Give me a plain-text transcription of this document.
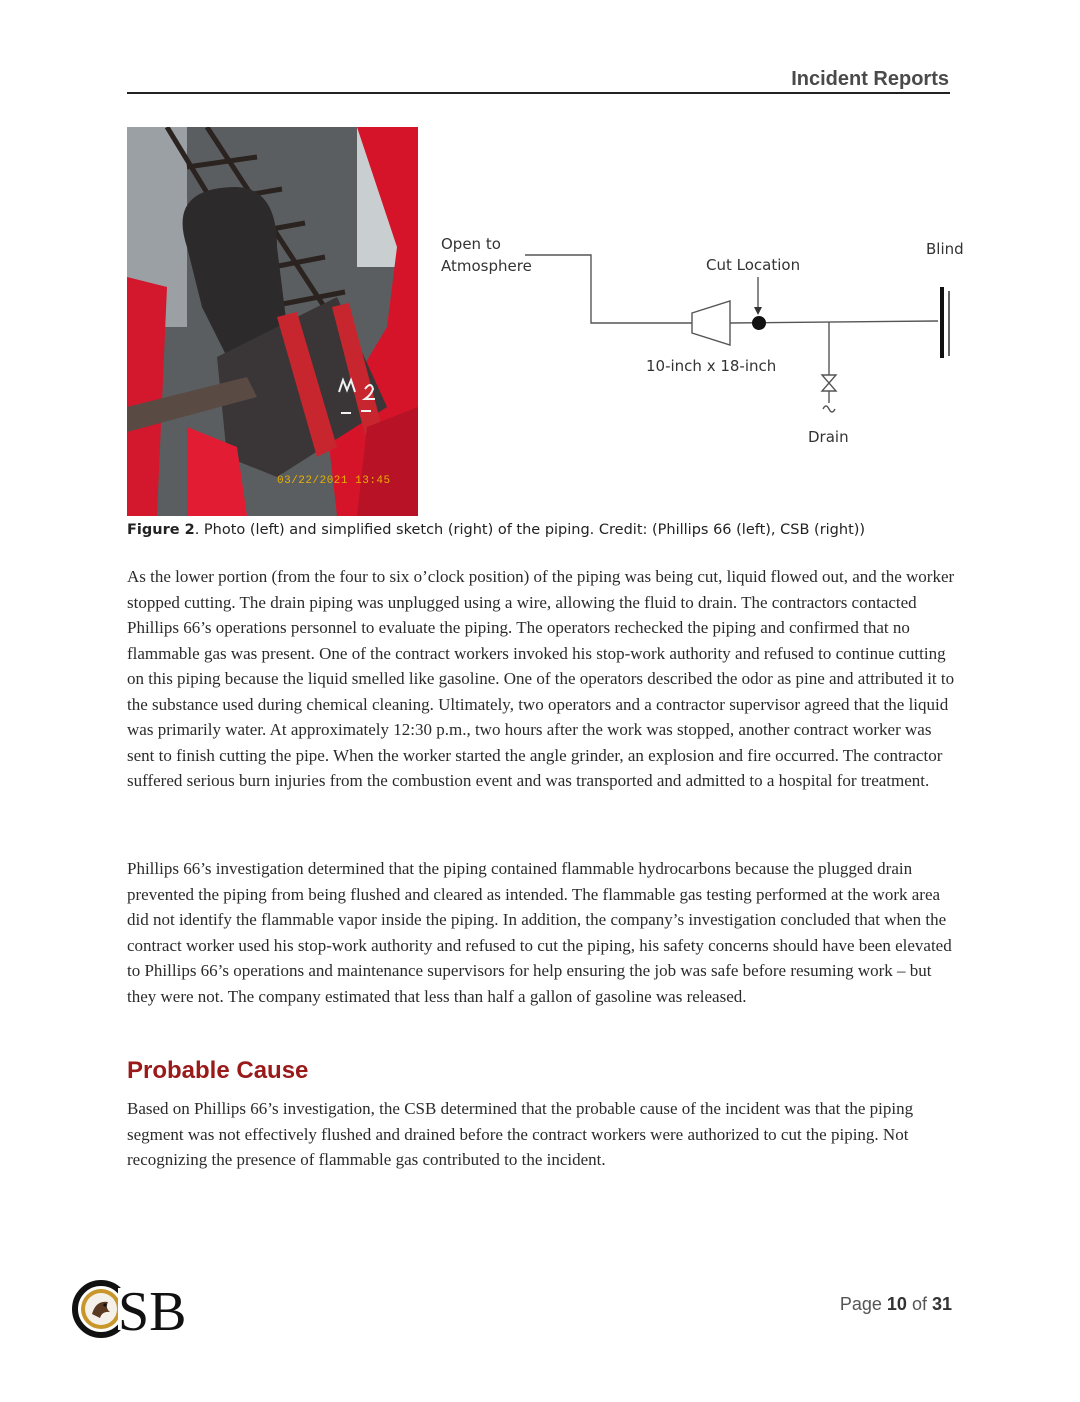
Incident Reports
03/22/2021 13:45
Open to
Atmosphere	Cut Location
Blind
10-inch x 18-inch
Drain
Figure 2. Photo (left) and simplified sketch (right) of the piping. Credit: (Phillips 66 (left), CSB (right))

As the lower portion (from the four to six o’clock position) of the piping was being cut, liquid flowed out, and the worker stopped cutting. The drain piping was unplugged using a wire, allowing the fluid to drain. The contractors contacted Phillips 66’s operations personnel to evaluate the piping. The operators rechecked the piping and confirmed that no flammable gas was present. One of the contract workers invoked his stop-work authority and refused to continue cutting on this piping because the liquid smelled like gasoline. One of the operators described the odor as pine and attributed it to the substance used during chemical cleaning. Ultimately, two operators and a contractor supervisor agreed that the liquid was primarily water. At approximately 12:30 p.m., two hours after the work was stopped, another contract worker was sent to finish cutting the pipe. When the worker started the angle grinder, an explosion and fire occurred. The contractor suffered serious burn injuries from the combustion event and was transported and admitted to a hospital for treatment.

Phillips 66’s investigation determined that the piping contained flammable hydrocarbons because the plugged drain prevented the piping from being flushed and cleared as intended. The flammable gas testing performed at the work area did not identify the flammable vapor inside the piping. In addition, the company’s investigation concluded that when the contract worker used his stop-work authority and refused to cut the piping, his safety concerns should have been elevated to Phillips 66’s operations and maintenance supervisors for help ensuring the job was safe before resuming work – but they were not. The company estimated that less than half a gallon of gasoline was released.

Probable Cause

Based on Phillips 66’s investigation, the CSB determined that the probable cause of the incident was that the piping segment was not effectively flushed and drained before the contract workers were authorized to cut the piping. Not recognizing the presence of flammable gas contributed to the incident.

SB	Page 10 of 31
